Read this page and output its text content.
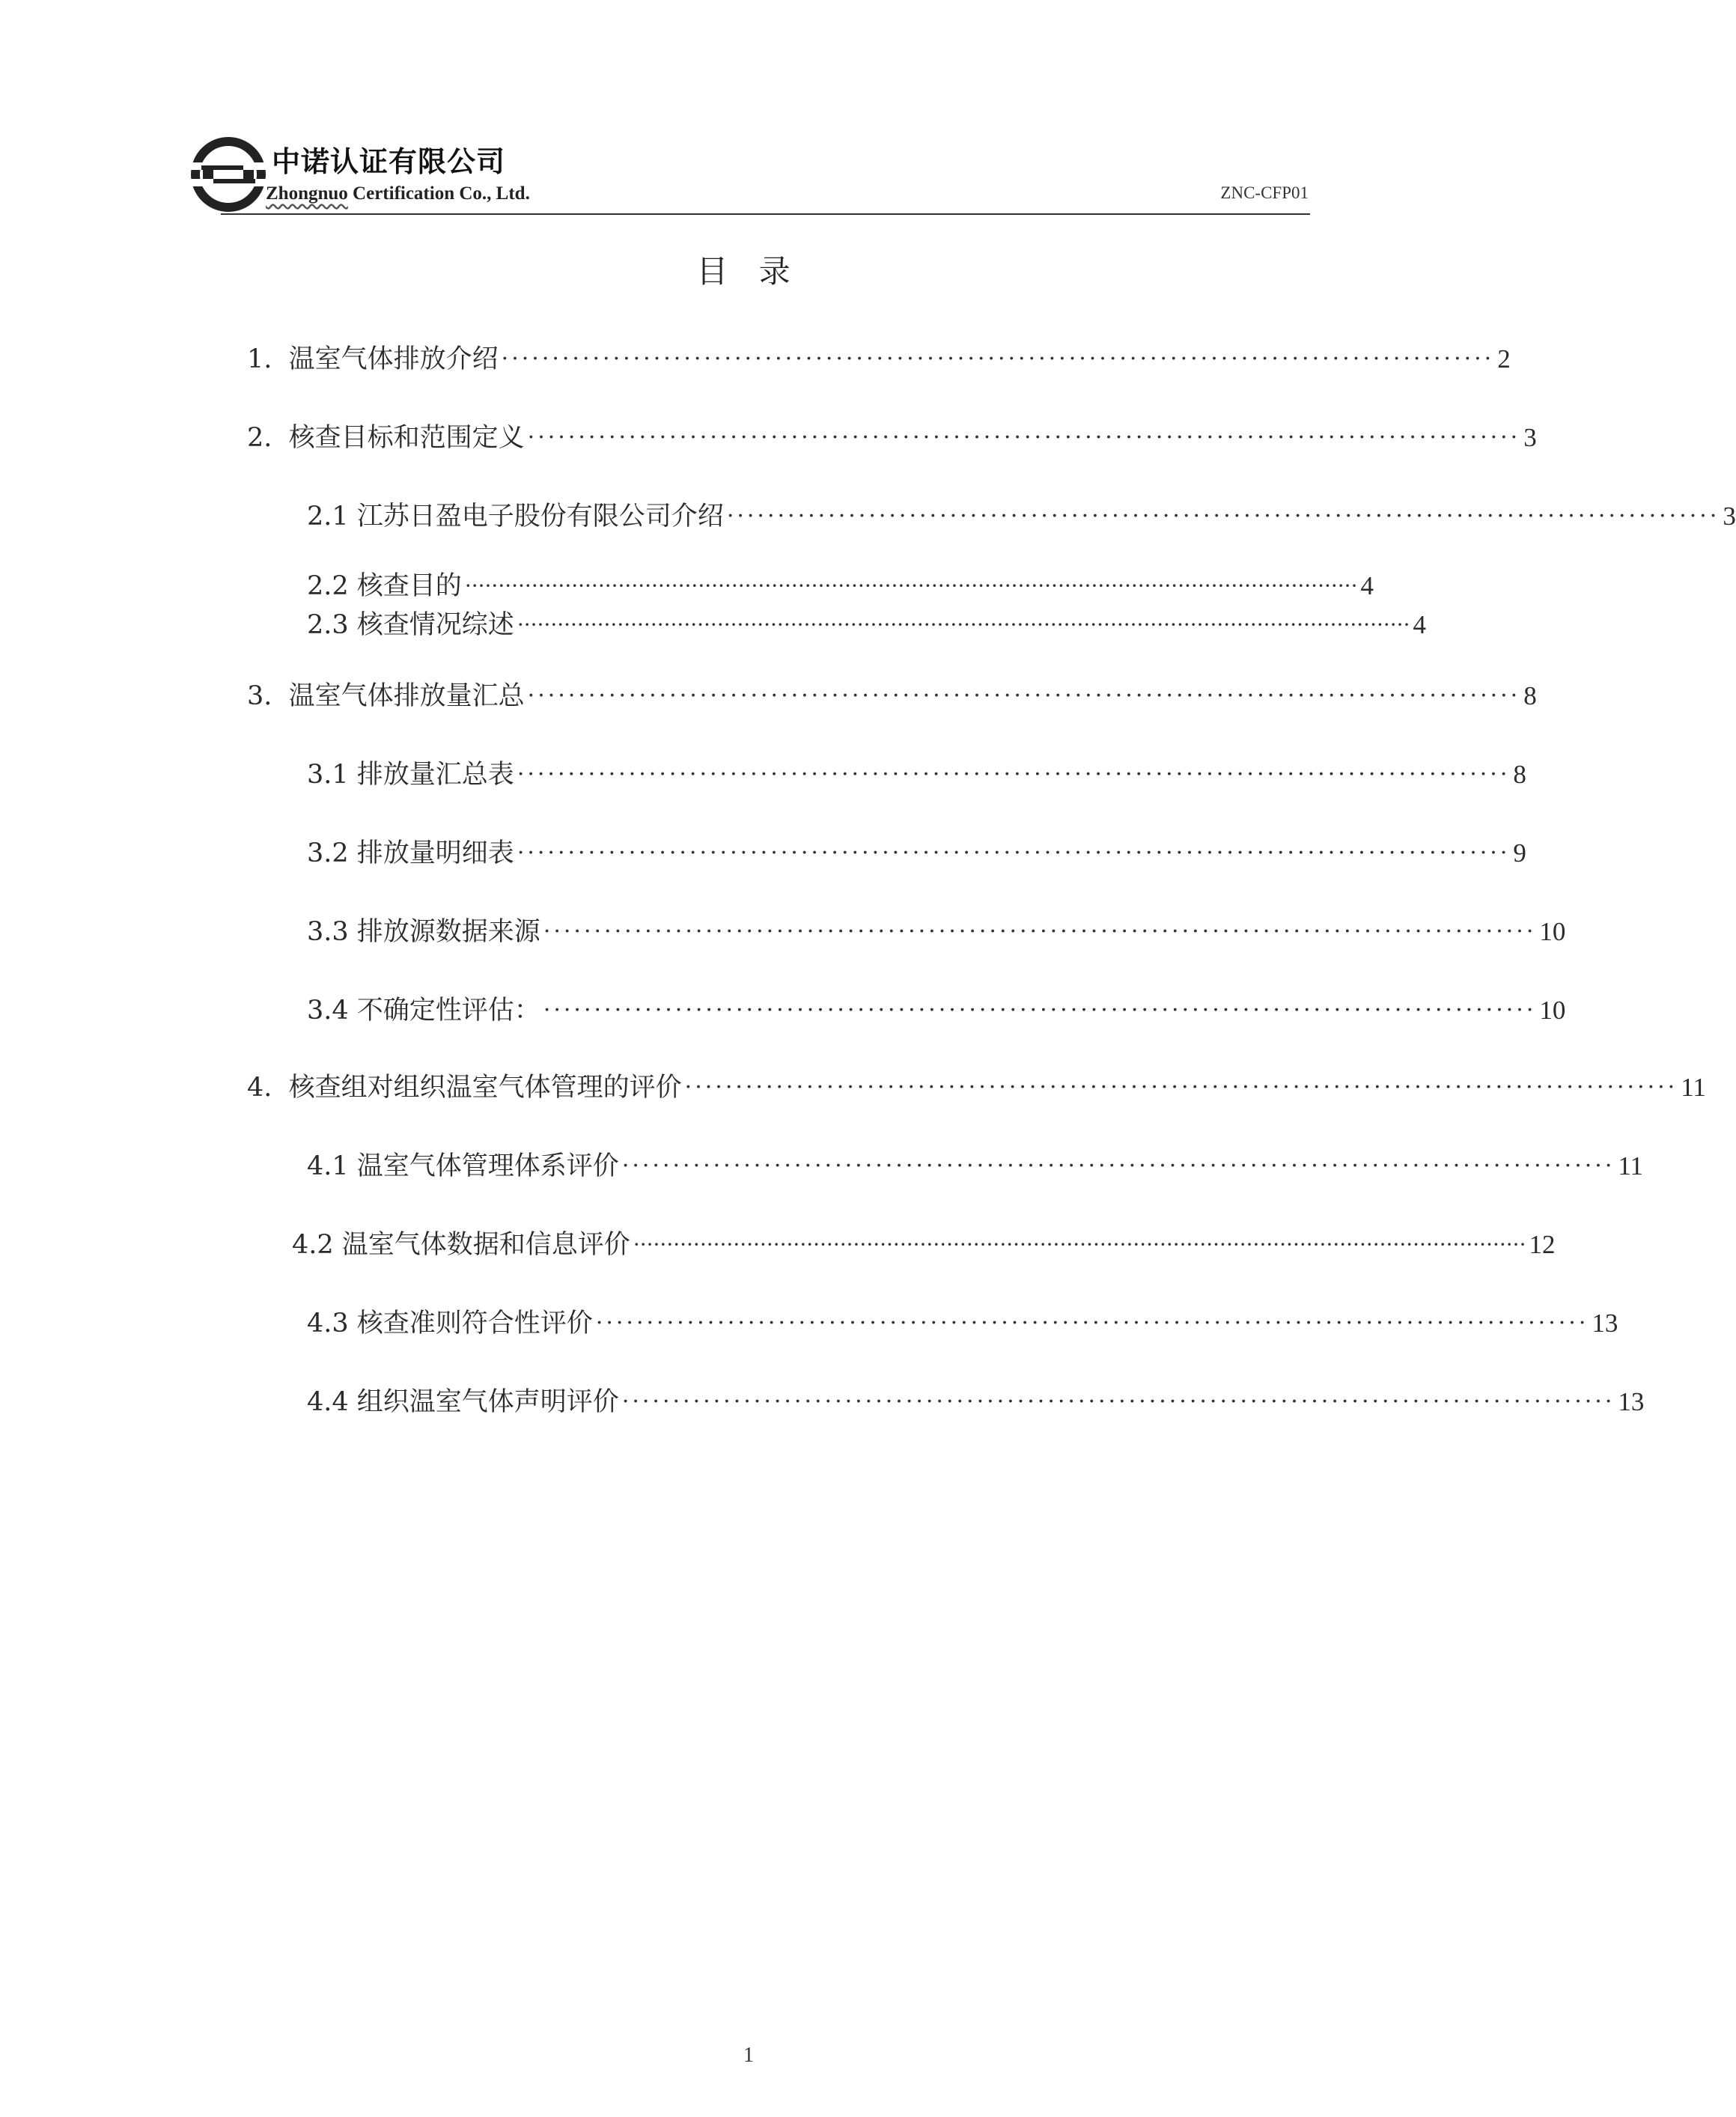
中诺认证有限公司
Zhongnuo Certification Co., Ltd.	ZNC-CFP01
目 录
1. 温室气体排放介绍 ·································································································· 2
2. 核查目标和范围定义 ·································································································· 3
2.1 江苏日盈电子股份有限公司介绍 ·································································································· 3
2.2 核查目的 ······································································································································ 4
2.3 核查情况综述 ······································································································································ 4
3. 温室气体排放量汇总 ·································································································· 8
3.1 排放量汇总表 ·································································································· 8
3.2 排放量明细表 ·································································································· 9
3.3 排放源数据来源 ·································································································· 10
3.4 不确定性评估： ·································································································· 10
4. 核查组对组织温室气体管理的评价 ·································································································· 11
4.1 温室气体管理体系评价 ·································································································· 11
4.2 温室气体数据和信息评价 ······································································································································ 12
4.3 核查准则符合性评价 ·································································································· 13
4.4 组织温室气体声明评价 ·································································································· 13
1
